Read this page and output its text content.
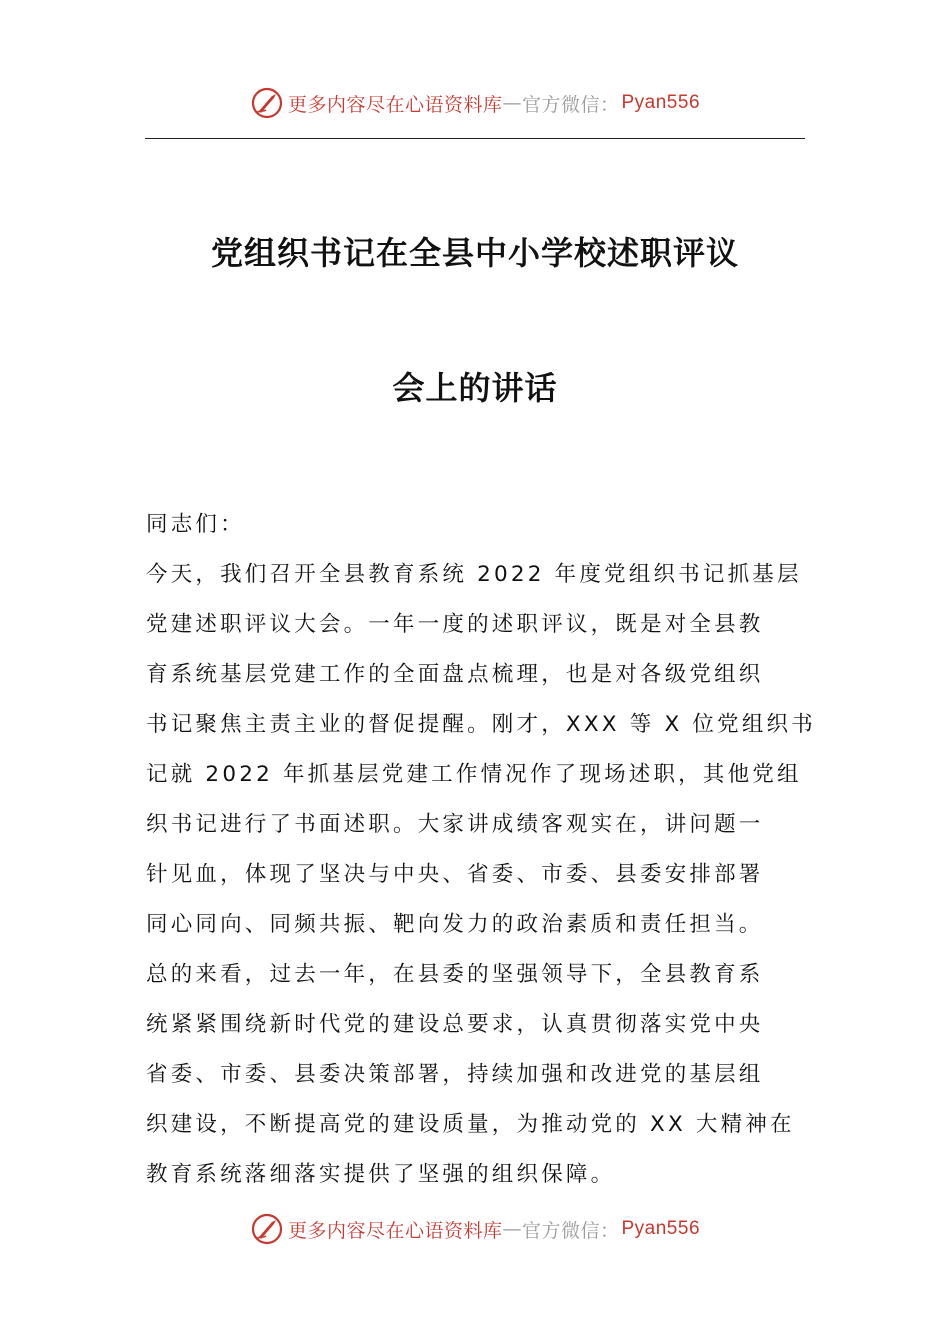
更多内容尽在心语资料库 — 官方微信： Pyan556
党组织书记在全县中小学校述职评议
会上的讲话
同志们：
今天，我们召开全县教育系统 2022 年度党组织书记抓基层
党建述职评议大会。一年一度的述职评议，既是对全县教
育系统基层党建工作的全面盘点梳理，也是对各级党组织
书记聚焦主责主业的督促提醒。刚才，XXX 等 X 位党组织书
记就 2022 年抓基层党建工作情况作了现场述职，其他党组
织书记进行了书面述职。大家讲成绩客观实在，讲问题一
针见血，体现了坚决与中央、省委、市委、县委安排部署
同心同向、同频共振、靶向发力的政治素质和责任担当。
总的来看，过去一年，在县委的坚强领导下，全县教育系
统紧紧围绕新时代党的建设总要求，认真贯彻落实党中央
省委、市委、县委决策部署，持续加强和改进党的基层组
织建设，不断提高党的建设质量，为推动党的 XX 大精神在
教育系统落细落实提供了坚强的组织保障。
更多内容尽在心语资料库 — 官方微信： Pyan556
